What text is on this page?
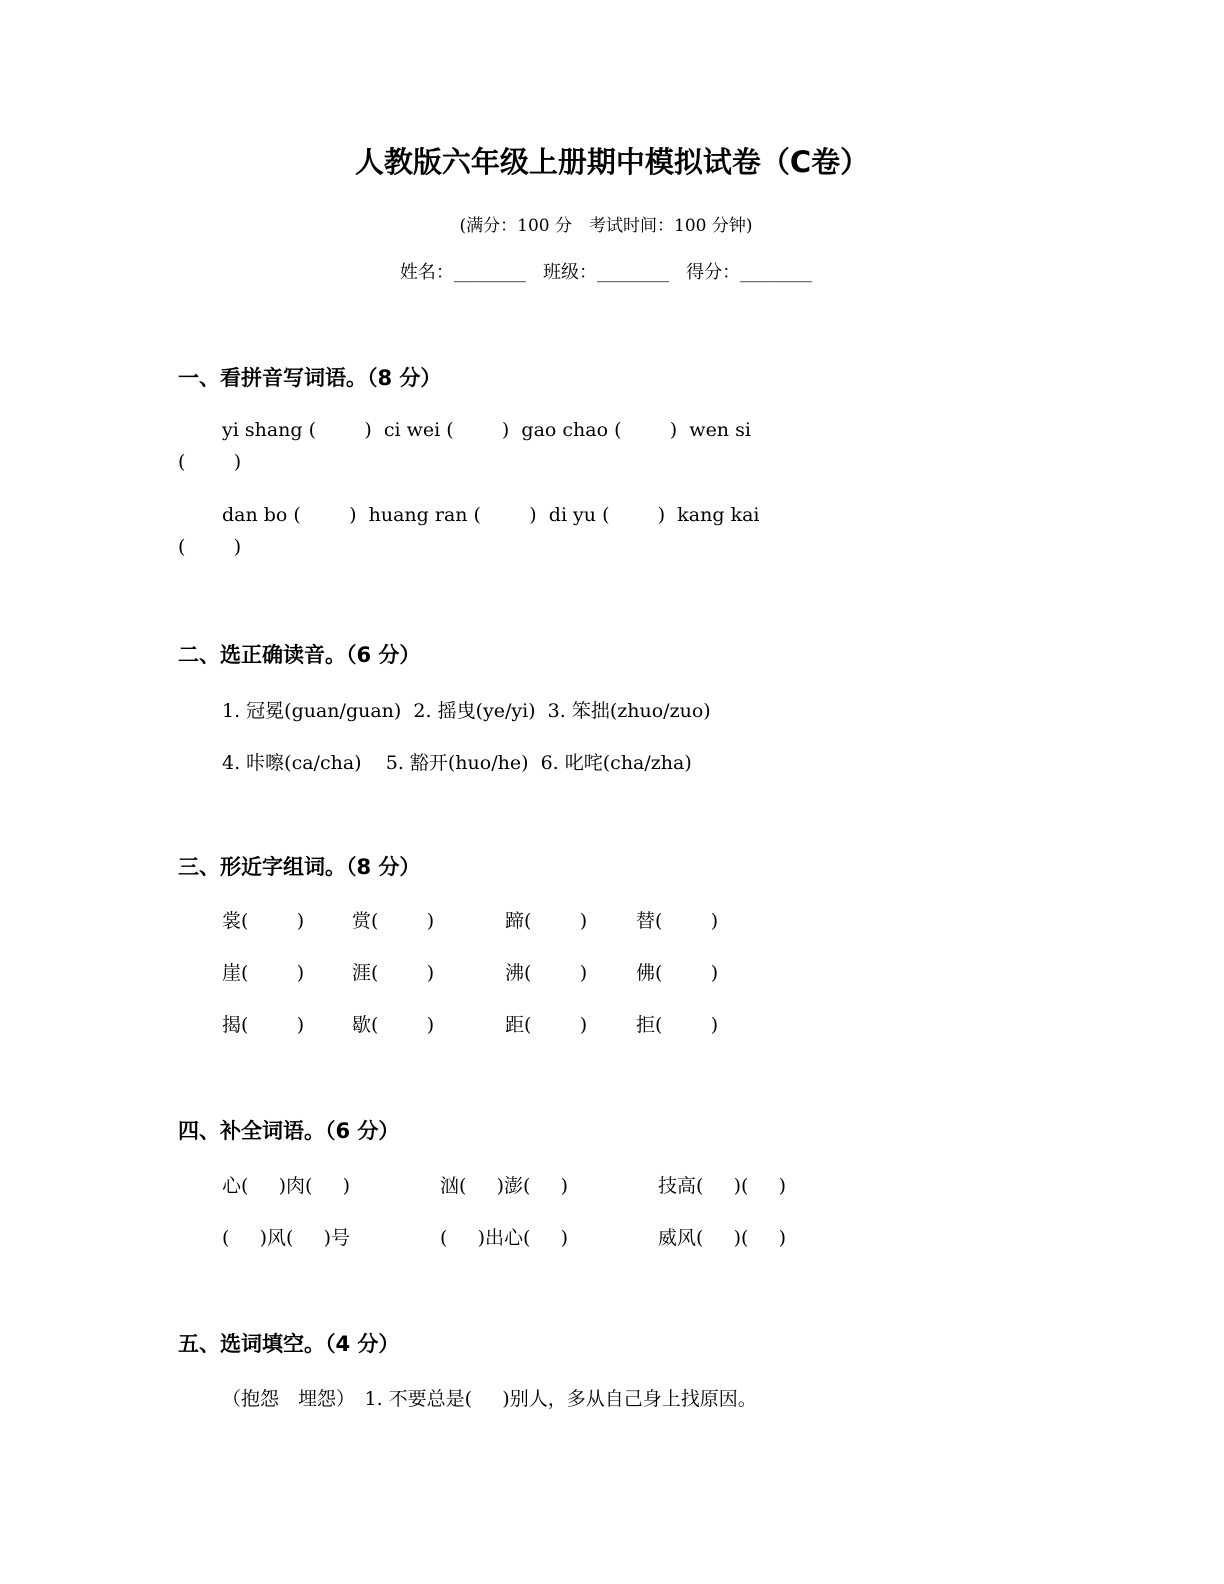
人教版六年级上册期中模拟试卷（C卷）
(满分：100 分　考试时间：100 分钟)
姓名：________ 班级：________ 得分：________
一、看拼音写词语。（8 分）
yi shang (        )  ci wei (        )  gao chao (        )  wen si
(        )
dan bo (        )  huang ran (        )  di yu (        )  kang kai
(        )
二、选正确读音。（6 分）
1. 冠冕(guan/guan)  2. 摇曳(ye/yi)  3. 笨拙(zhuo/zuo)
4. 咔嚓(ca/cha)    5. 豁开(huo/he)  6. 叱咤(cha/zha)
三、形近字组词。（8 分）
裳(        )	赏(        )	蹄(        )	替(        )
崖(        )	涯(        )	沸(        )	佛(        )
揭(        )	歇(        )	距(        )	拒(        )
四、补全词语。（6 分）
心(     )肉(     )	汹(     )澎(     )	技高(     )(     )
(     )风(     )号	(     )出心(     )	威风(     )(     )
五、选词填空。（4 分）
（抱怨　埋怨）　1. 不要总是(     )别人，多从自己身上找原因。
